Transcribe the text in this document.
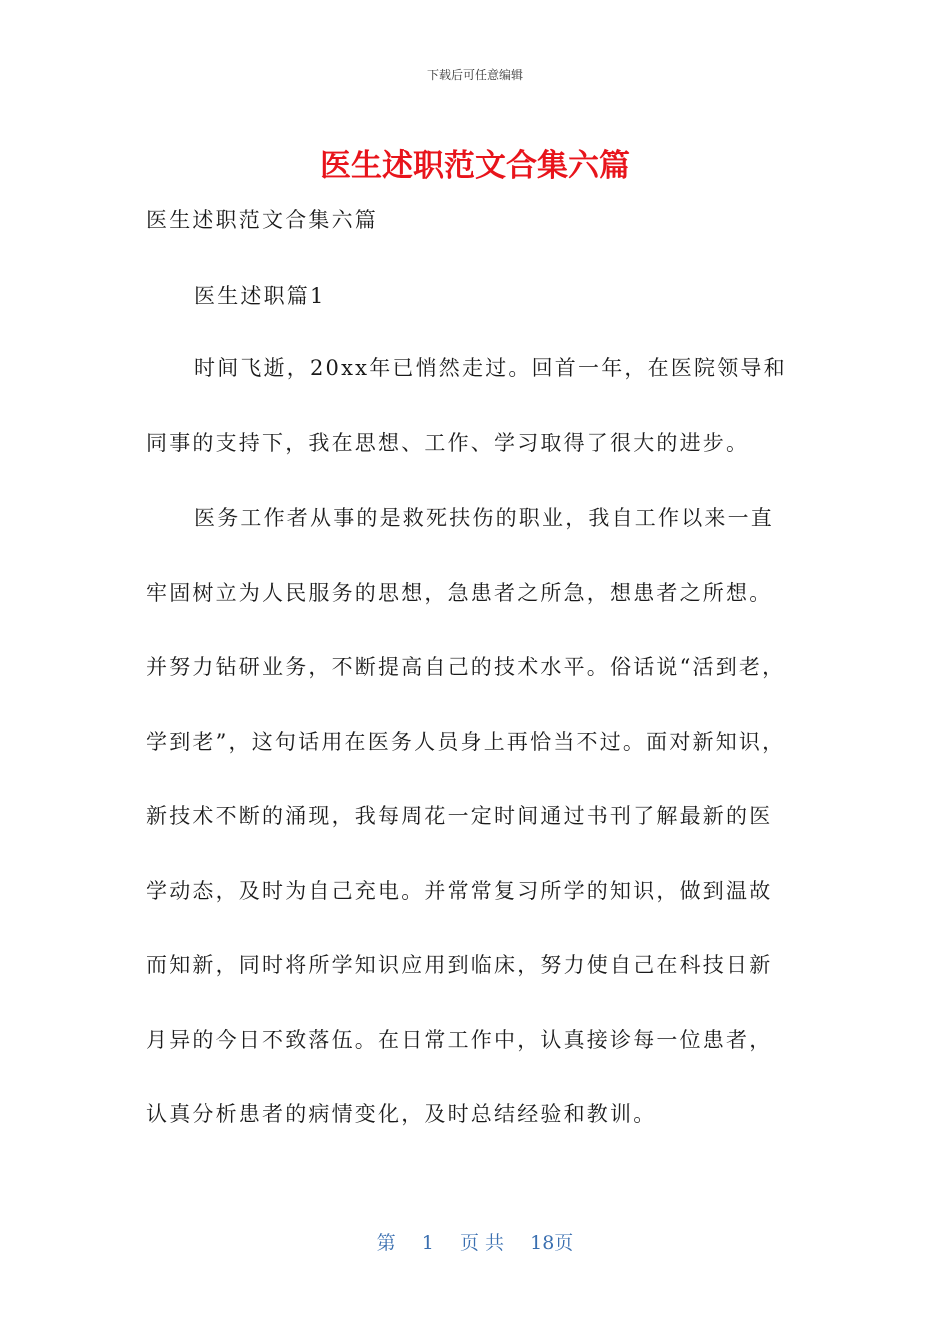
下载后可任意编辑
医生述职范文合集六篇
医生述职范文合集六篇
医生述职篇1
时间飞逝，20xx年已悄然走过。回首一年，在医院领导和
同事的支持下，我在思想、工作、学习取得了很大的进步。
医务工作者从事的是救死扶伤的职业，我自工作以来一直
牢固树立为人民服务的思想，急患者之所急，想患者之所想。
并努力钻研业务，不断提高自己的技术水平。俗话说“活到老，
学到老”，这句话用在医务人员身上再恰当不过。面对新知识，
新技术不断的涌现，我每周花一定时间通过书刊了解最新的医
学动态，及时为自己充电。并常常复习所学的知识，做到温故
而知新，同时将所学知识应用到临床，努力使自己在科技日新
月异的今日不致落伍。在日常工作中，认真接诊每一位患者，
认真分析患者的病情变化，及时总结经验和教训。
第 1 页 共 18页
